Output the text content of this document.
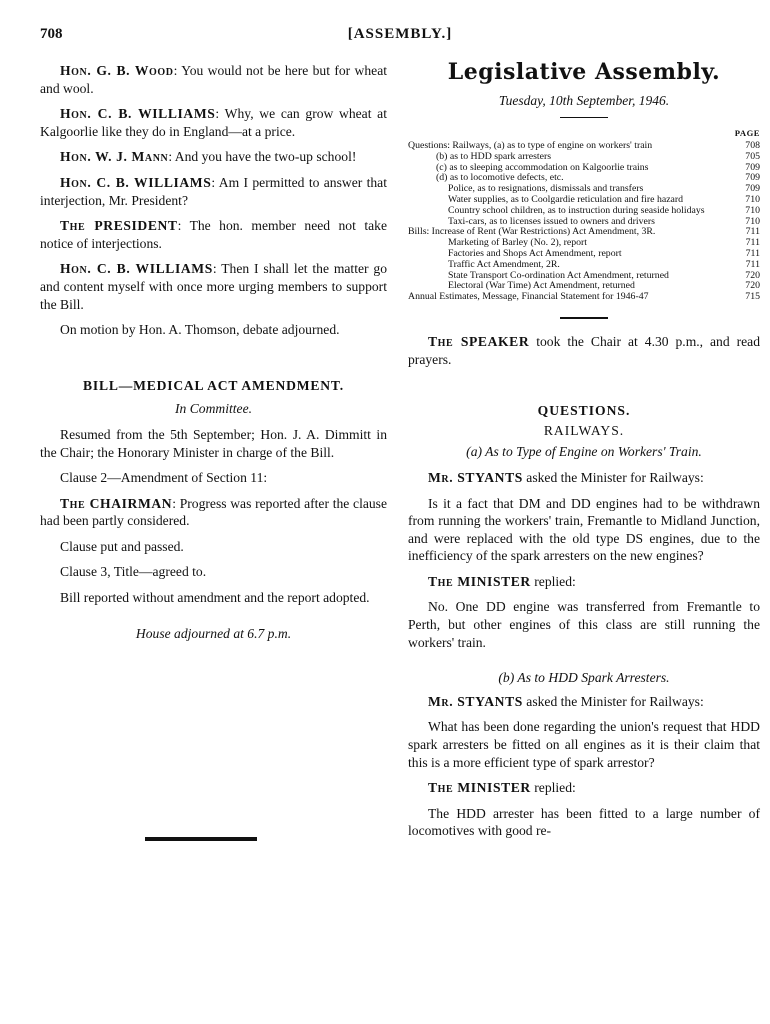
708	[ASSEMBLY.]

Hon. G. B. Wood: You would not be here but for wheat and wool.

Hon. C. B. WILLIAMS: Why, we can grow wheat at Kalgoorlie like they do in England—at a price.

Hon. W. J. Mann: And you have the two-up school!

Hon. C. B. WILLIAMS: Am I permitted to answer that interjection, Mr. President?

The PRESIDENT: The hon. member need not take notice of interjections.

Hon. C. B. WILLIAMS: Then I shall let the matter go and content myself with once more urging members to support the Bill.

On motion by Hon. A. Thomson, debate adjourned.

BILL—MEDICAL ACT AMENDMENT.
In Committee.

Resumed from the 5th September; Hon. J. A. Dimmitt in the Chair; the Honorary Minister in charge of the Bill.

Clause 2—Amendment of Section 11:

The CHAIRMAN: Progress was reported after the clause had been partly considered.

Clause put and passed.

Clause 3, Title—agreed to.

Bill reported without amendment and the report adopted.

House adjourned at 6.7 p.m.
Legislative Assembly.
Tuesday, 10th September, 1946.
PAGE
Questions: Railways, (a) as to type of engine on workers' train	708
(b) as to HDD spark arresters	705
(c) as to sleeping accommodation on Kalgoorlie trains	709
(d) as to locomotive defects, etc.	709
Police, as to resignations, dismissals and transfers	709
Water supplies, as to Coolgardie reticulation and fire hazard	710
Country school children, as to instruction during seaside holidays	710
Taxi-cars, as to licenses issued to owners and drivers	710
Bills: Increase of Rent (War Restrictions) Act Amendment, 3R.	711
Marketing of Barley (No. 2), report	711
Factories and Shops Act Amendment, report	711
Traffic Act Amendment, 2R.	711
State Transport Co-ordination Act Amendment, returned	720
Electoral (War Time) Act Amendment, returned	720
Annual Estimates, Message, Financial Statement for 1946-47	715

The SPEAKER took the Chair at 4.30 p.m., and read prayers.

QUESTIONS.
RAILWAYS.
(a) As to Type of Engine on Workers' Train.

Mr. STYANTS asked the Minister for Railways:

Is it a fact that DM and DD engines had to be withdrawn from running the workers' train, Fremantle to Midland Junction, and were replaced with the old type DS engines, due to the inefficiency of the spark arresters on the new engines?

The MINISTER replied:

No. One DD engine was transferred from Fremantle to Perth, but other engines of this class are still running the workers' train.

(b) As to HDD Spark Arresters.

Mr. STYANTS asked the Minister for Railways:

What has been done regarding the union's request that HDD spark arresters be fitted on all engines as it is their claim that this is a more efficient type of spark arrestor?

The MINISTER replied:

The HDD arrester has been fitted to a large number of locomotives with good re-
